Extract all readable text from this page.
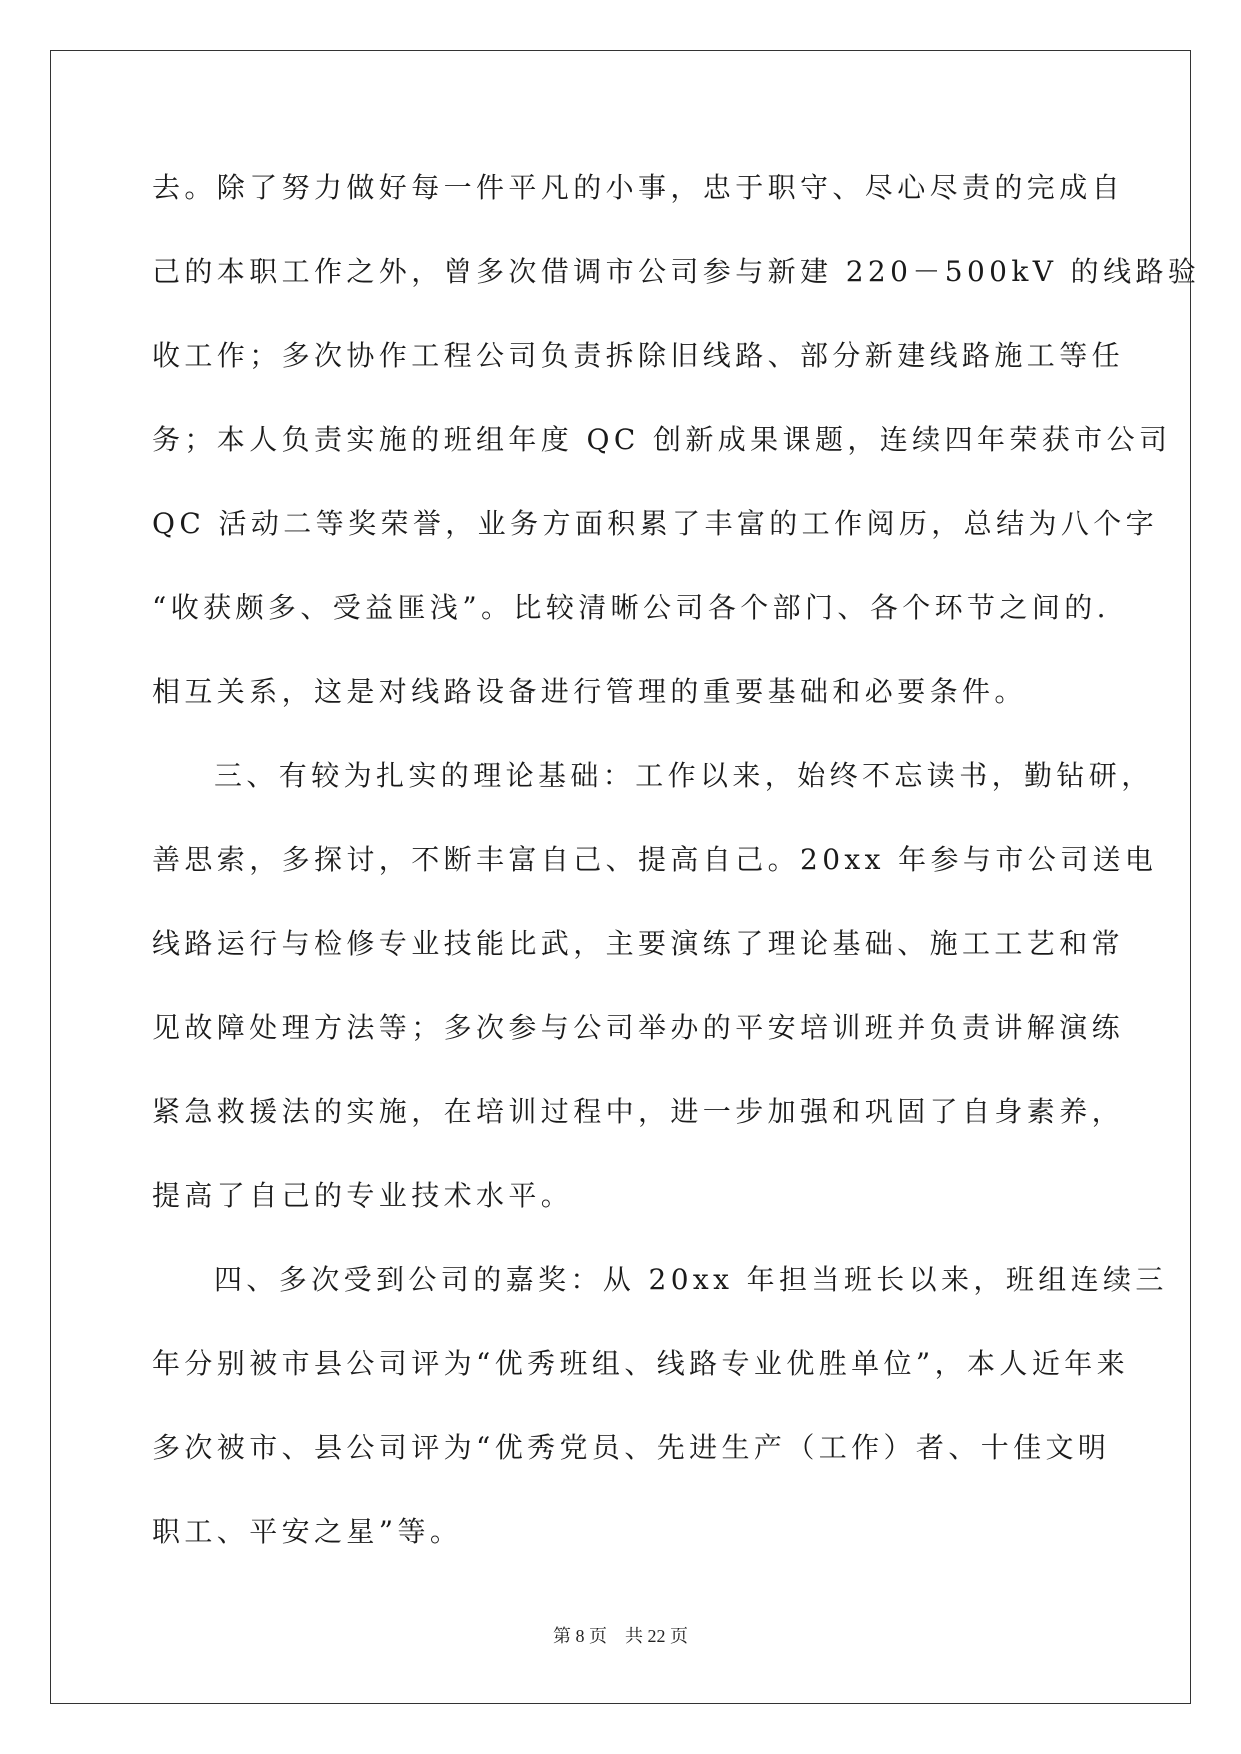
去。除了努力做好每一件平凡的小事，忠于职守、尽心尽责的完成自
己的本职工作之外，曾多次借调市公司参与新建 220－500kV 的线路验
收工作；多次协作工程公司负责拆除旧线路、部分新建线路施工等任
务；本人负责实施的班组年度 QC 创新成果课题，连续四年荣获市公司
QC 活动二等奖荣誉，业务方面积累了丰富的工作阅历，总结为八个字
“收获颇多、受益匪浅”。比较清晰公司各个部门、各个环节之间的.
相互关系，这是对线路设备进行管理的重要基础和必要条件。
三、有较为扎实的理论基础：工作以来，始终不忘读书，勤钻研，
善思索，多探讨，不断丰富自己、提高自己。20xx 年参与市公司送电
线路运行与检修专业技能比武，主要演练了理论基础、施工工艺和常
见故障处理方法等；多次参与公司举办的平安培训班并负责讲解演练
紧急救援法的实施，在培训过程中，进一步加强和巩固了自身素养，
提高了自己的专业技术水平。
四、多次受到公司的嘉奖：从 20xx 年担当班长以来，班组连续三
年分别被市县公司评为“优秀班组、线路专业优胜单位”，本人近年来
多次被市、县公司评为“优秀党员、先进生产（工作）者、十佳文明
职工、平安之星”等。
第 8 页 共 22 页
